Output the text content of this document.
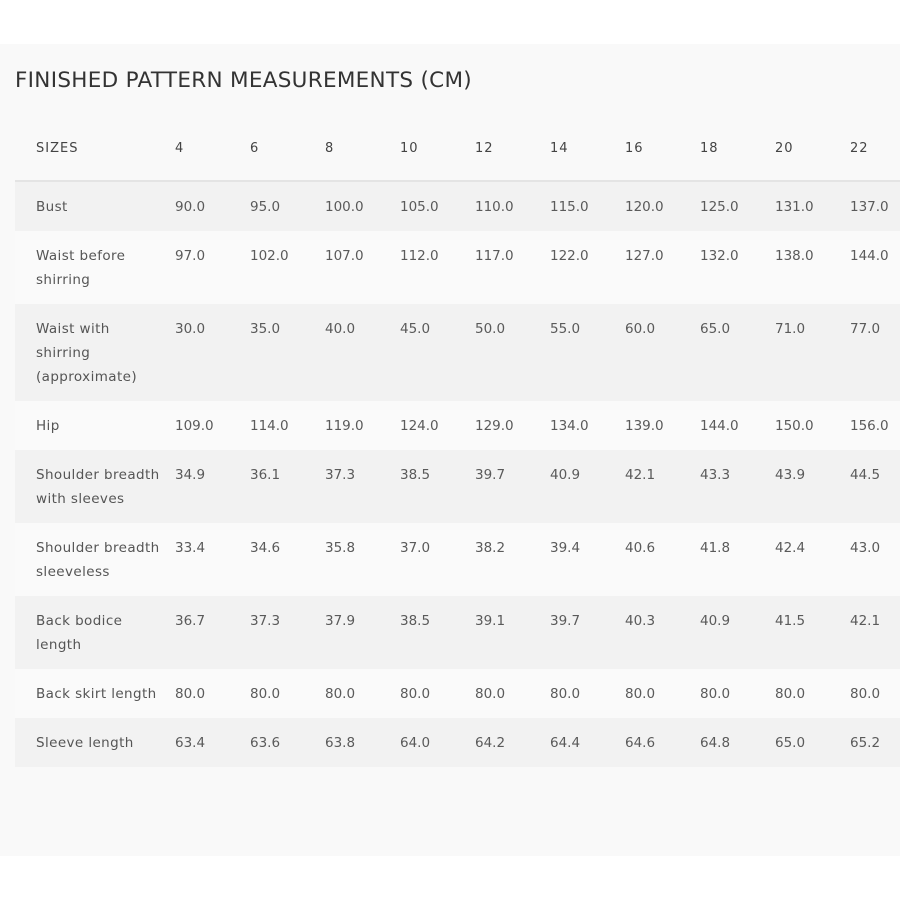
FINISHED PATTERN MEASUREMENTS (CM)
SIZES	4	6	8	10	12	14	16	18	20	22
Bust	90.0	95.0	100.0	105.0	110.0	115.0	120.0	125.0	131.0	137.0
Waist before shirring	97.0	102.0	107.0	112.0	117.0	122.0	127.0	132.0	138.0	144.0
Waist with shirring (approximate)	30.0	35.0	40.0	45.0	50.0	55.0	60.0	65.0	71.0	77.0
Hip	109.0	114.0	119.0	124.0	129.0	134.0	139.0	144.0	150.0	156.0
Shoulder breadth with sleeves	34.9	36.1	37.3	38.5	39.7	40.9	42.1	43.3	43.9	44.5
Shoulder breadth sleeveless	33.4	34.6	35.8	37.0	38.2	39.4	40.6	41.8	42.4	43.0
Back bodice length	36.7	37.3	37.9	38.5	39.1	39.7	40.3	40.9	41.5	42.1
Back skirt length	80.0	80.0	80.0	80.0	80.0	80.0	80.0	80.0	80.0	80.0
Sleeve length	63.4	63.6	63.8	64.0	64.2	64.4	64.6	64.8	65.0	65.2
